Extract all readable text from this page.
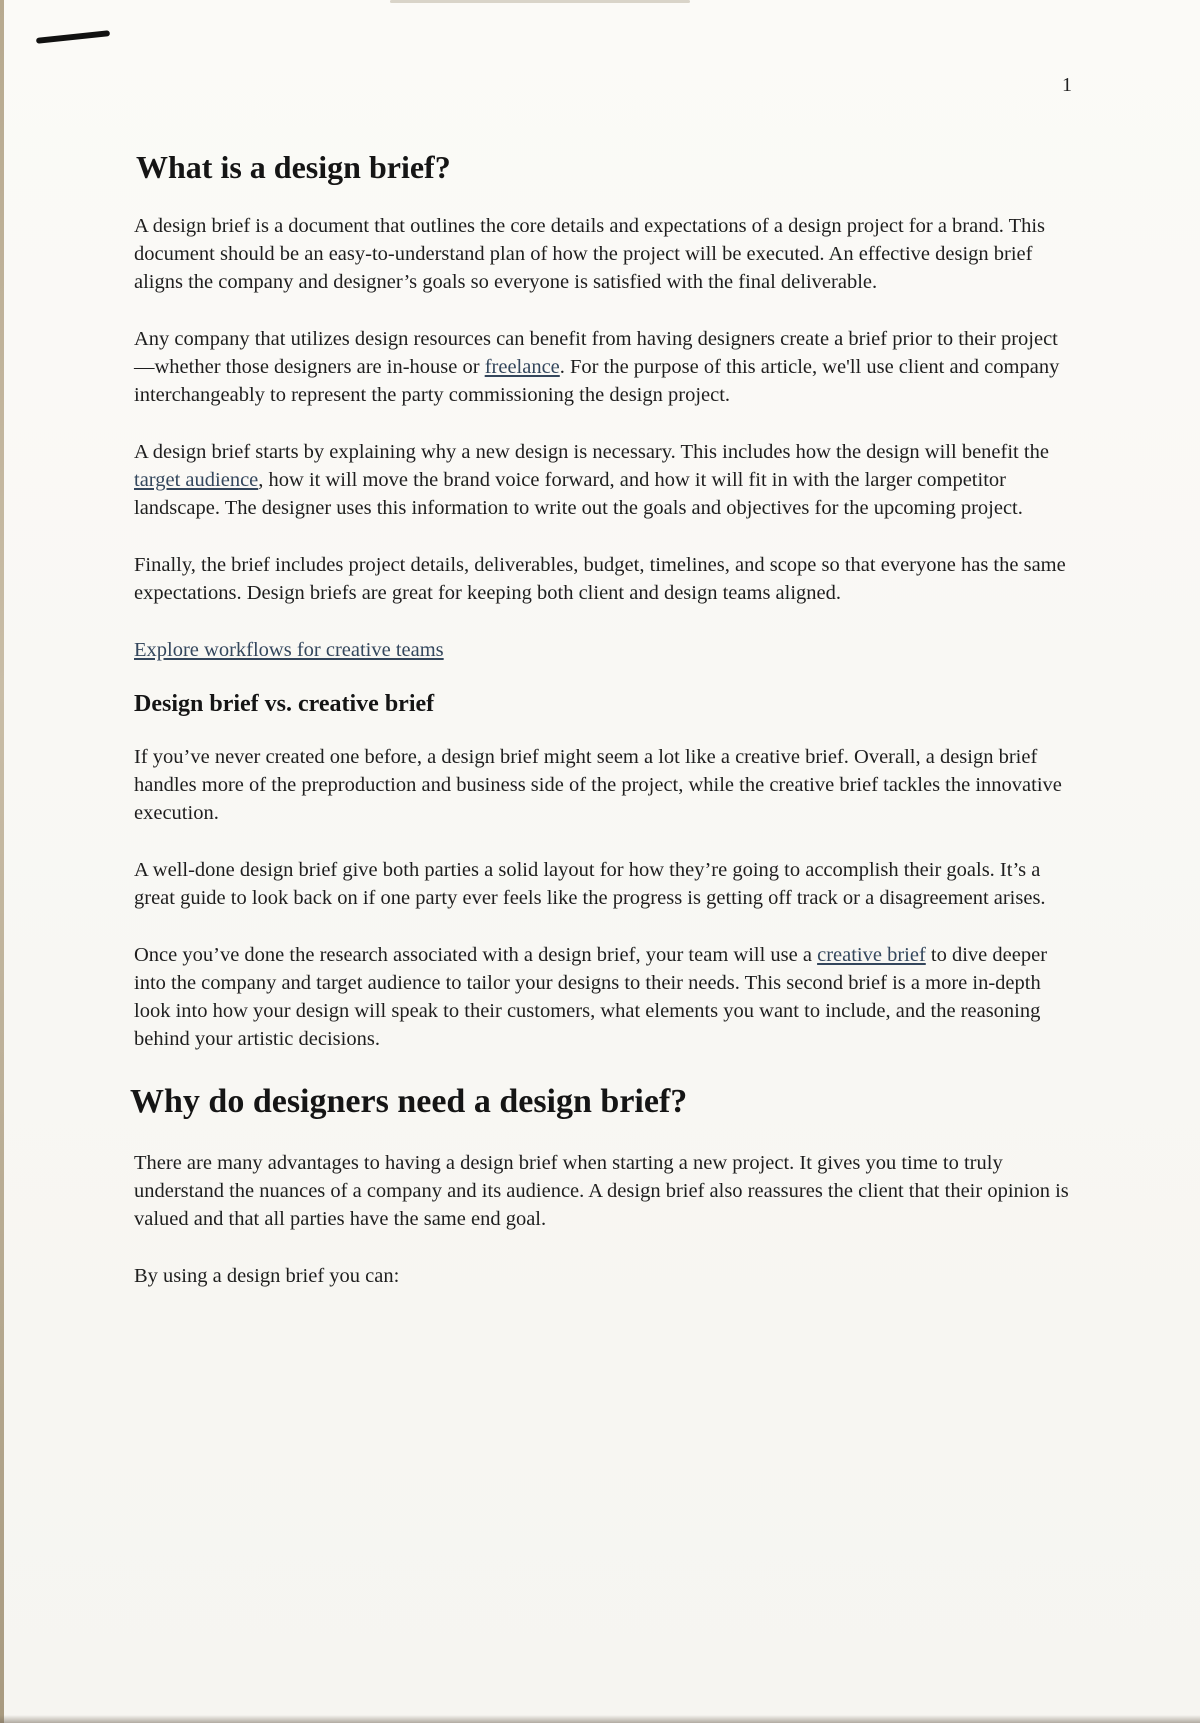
1
What is a design brief?

A design brief is a document that outlines the core details and expectations of a design project for a brand. This document should be an easy-to-understand plan of how the project will be executed. An effective design brief aligns the company and designer’s goals so everyone is satisfied with the final deliverable.

Any company that utilizes design resources can benefit from having designers create a brief prior to their project—whether those designers are in-house or freelance. For the purpose of this article, we'll use client and company interchangeably to represent the party commissioning the design project.

A design brief starts by explaining why a new design is necessary. This includes how the design will benefit the target audience, how it will move the brand voice forward, and how it will fit in with the larger competitor landscape. The designer uses this information to write out the goals and objectives for the upcoming project.

Finally, the brief includes project details, deliverables, budget, timelines, and scope so that everyone has the same expectations. Design briefs are great for keeping both client and design teams aligned.

Explore workflows for creative teams
Design brief vs. creative brief

If you’ve never created one before, a design brief might seem a lot like a creative brief. Overall, a design brief handles more of the preproduction and business side of the project, while the creative brief tackles the innovative execution.

A well-done design brief give both parties a solid layout for how they’re going to accomplish their goals. It’s a great guide to look back on if one party ever feels like the progress is getting off track or a disagreement arises.

Once you’ve done the research associated with a design brief, your team will use a creative brief to dive deeper into the company and target audience to tailor your designs to their needs. This second brief is a more in-depth look into how your design will speak to their customers, what elements you want to include, and the reasoning behind your artistic decisions.

Why do designers need a design brief?

There are many advantages to having a design brief when starting a new project. It gives you time to truly understand the nuances of a company and its audience. A design brief also reassures the client that their opinion is valued and that all parties have the same end goal.

By using a design brief you can:
